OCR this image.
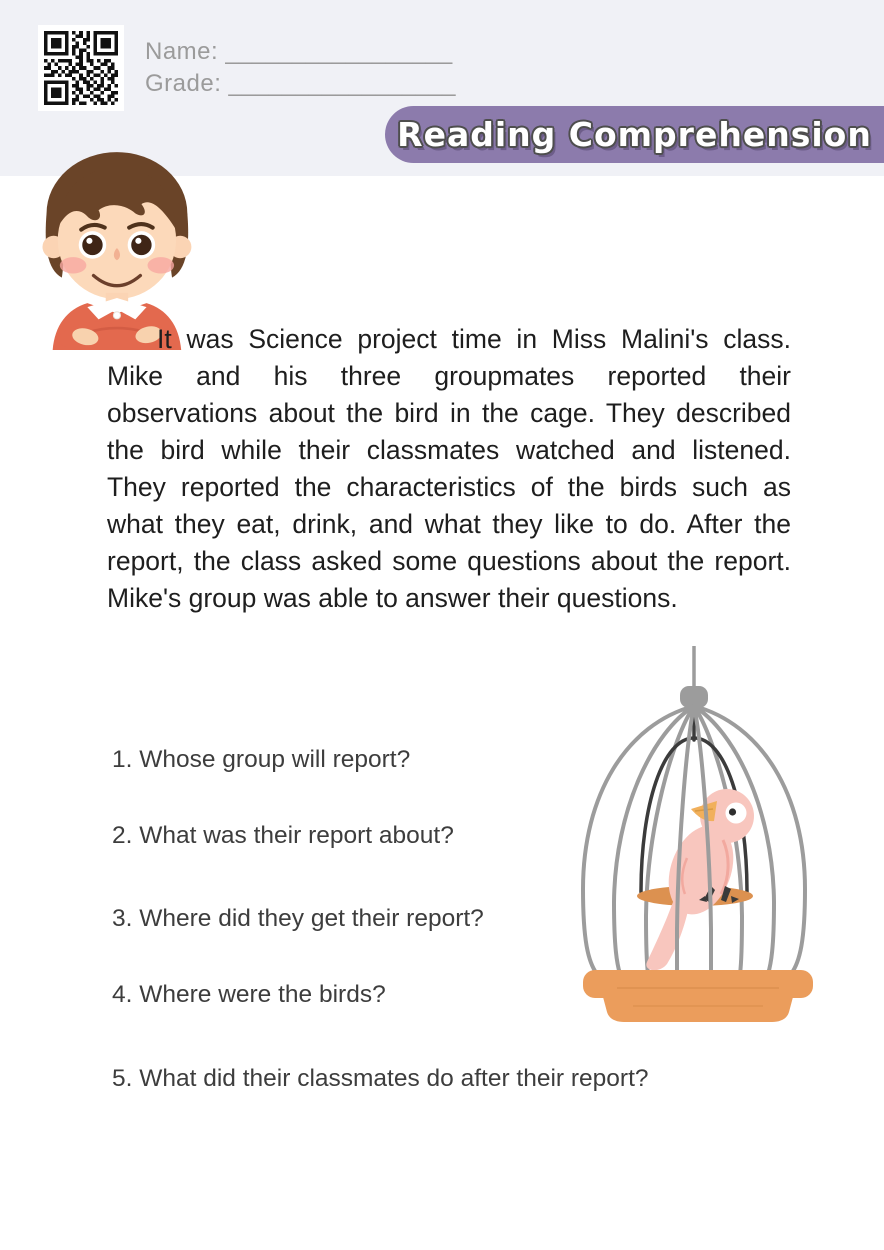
Name: _________________
Grade: _________________
Reading Comprehension
It was Science project time in Miss Malini's class. Mike and his three groupmates reported their observations about the bird in the cage. They described the bird while their classmates watched and listened. They reported the characteristics of the birds such as what they eat, drink, and what they like to do. After the report, the class asked some questions about the report. Mike's group was able to answer their questions.
1. Whose group will report?
2. What was their report about?
3. Where did they get their report?
4. Where were the birds?
5. What did their classmates do after their report?
